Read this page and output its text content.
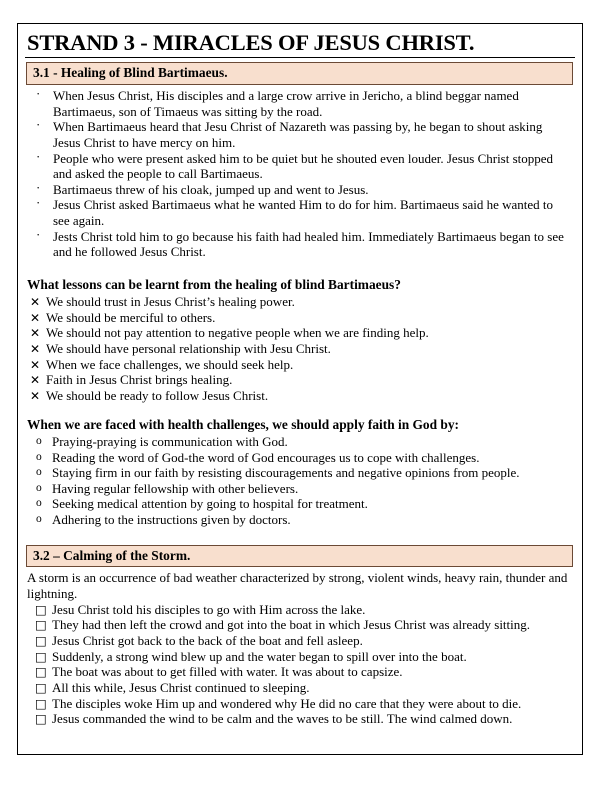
STRAND 3 - MIRACLES OF JESUS CHRIST.
3.1 - Healing of Blind Bartimaeus.
· When Jesus Christ, His disciples and a large crow arrive in Jericho, a blind beggar named Bartimaeus, son of Timaeus was sitting by the road.
· When Bartimaeus heard that Jesu Christ of Nazareth was passing by, he began to shout asking Jesus Christ to have mercy on him.
· People who were present asked him to be quiet but he shouted even louder. Jesus Christ stopped and asked the people to call Bartimaeus.
· Bartimaeus threw of his cloak, jumped up and went to Jesus.
· Jesus Christ asked Bartimaeus what he wanted Him to do for him. Bartimaeus said he wanted to see again.
· Jests Christ told him to go because his faith had healed him. Immediately Bartimaeus began to see and he followed Jesus Christ.
What lessons can be learnt from the healing of blind Bartimaeus?
✕ We should trust in Jesus Christ’s healing power.
✕ We should be merciful to others.
✕ We should not pay attention to negative people when we are finding help.
✕ We should have personal relationship with Jesu Christ.
✕ When we face challenges, we should seek help.
✕ Faith in Jesus Christ brings healing.
✕ We should be ready to follow Jesus Christ.
When we are faced with health challenges, we should apply faith in God by:
o Praying-praying is communication with God.
o Reading the word of God-the word of God encourages us to cope with challenges.
o Staying firm in our faith by resisting discouragements and negative opinions from people.
o Having regular fellowship with other believers.
o Seeking medical attention by going to hospital for treatment.
o Adhering to the instructions given by doctors.
3.2 – Calming of the Storm.
A storm is an occurrence of bad weather characterized by strong, violent winds, heavy rain, thunder and lightning.
□ Jesu Christ told his disciples to go with Him across the lake.
□ They had then left the crowd and got into the boat in which Jesus Christ was already sitting.
□ Jesus Christ got back to the back of the boat and fell asleep.
□ Suddenly, a strong wind blew up and the water began to spill over into the boat.
□ The boat was about to get filled with water. It was about to capsize.
□ All this while, Jesus Christ continued to sleeping.
□ The disciples woke Him up and wondered why He did no care that they were about to die.
□ Jesus commanded the wind to be calm and the waves to be still. The wind calmed down.
